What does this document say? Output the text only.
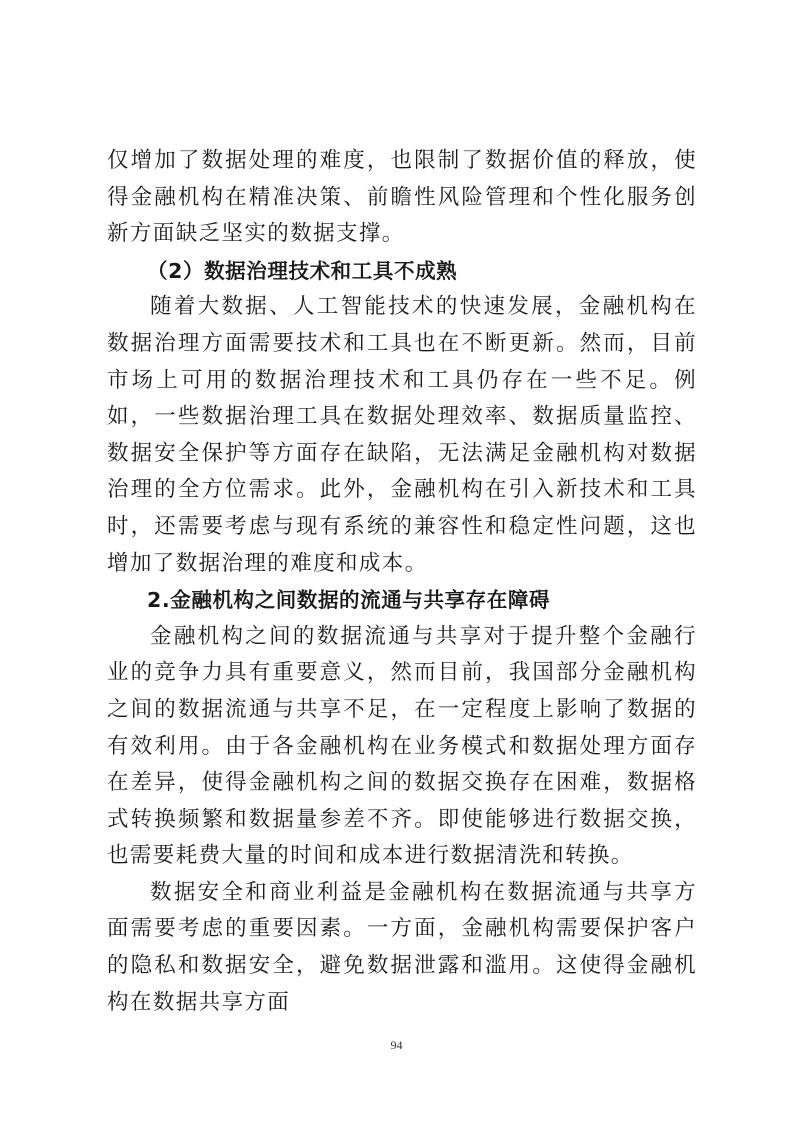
仅增加了数据处理的难度，也限制了数据价值的释放，使得金融机构在精准决策、前瞻性风险管理和个性化服务创新方面缺乏坚实的数据支撑。

（2）数据治理技术和工具不成熟

随着大数据、人工智能技术的快速发展，金融机构在数据治理方面需要技术和工具也在不断更新。然而，目前市场上可用的数据治理技术和工具仍存在一些不足。例如，一些数据治理工具在数据处理效率、数据质量监控、数据安全保护等方面存在缺陷，无法满足金融机构对数据治理的全方位需求。此外，金融机构在引入新技术和工具时，还需要考虑与现有系统的兼容性和稳定性问题，这也增加了数据治理的难度和成本。

2.金融机构之间数据的流通与共享存在障碍

金融机构之间的数据流通与共享对于提升整个金融行业的竞争力具有重要意义，然而目前，我国部分金融机构之间的数据流通与共享不足，在一定程度上影响了数据的有效利用。由于各金融机构在业务模式和数据处理方面存在差异，使得金融机构之间的数据交换存在困难，数据格式转换频繁和数据量参差不齐。即使能够进行数据交换，也需要耗费大量的时间和成本进行数据清洗和转换。

数据安全和商业利益是金融机构在数据流通与共享方面需要考虑的重要因素。一方面，金融机构需要保护客户的隐私和数据安全，避免数据泄露和滥用。这使得金融机构在数据共享方面

94
